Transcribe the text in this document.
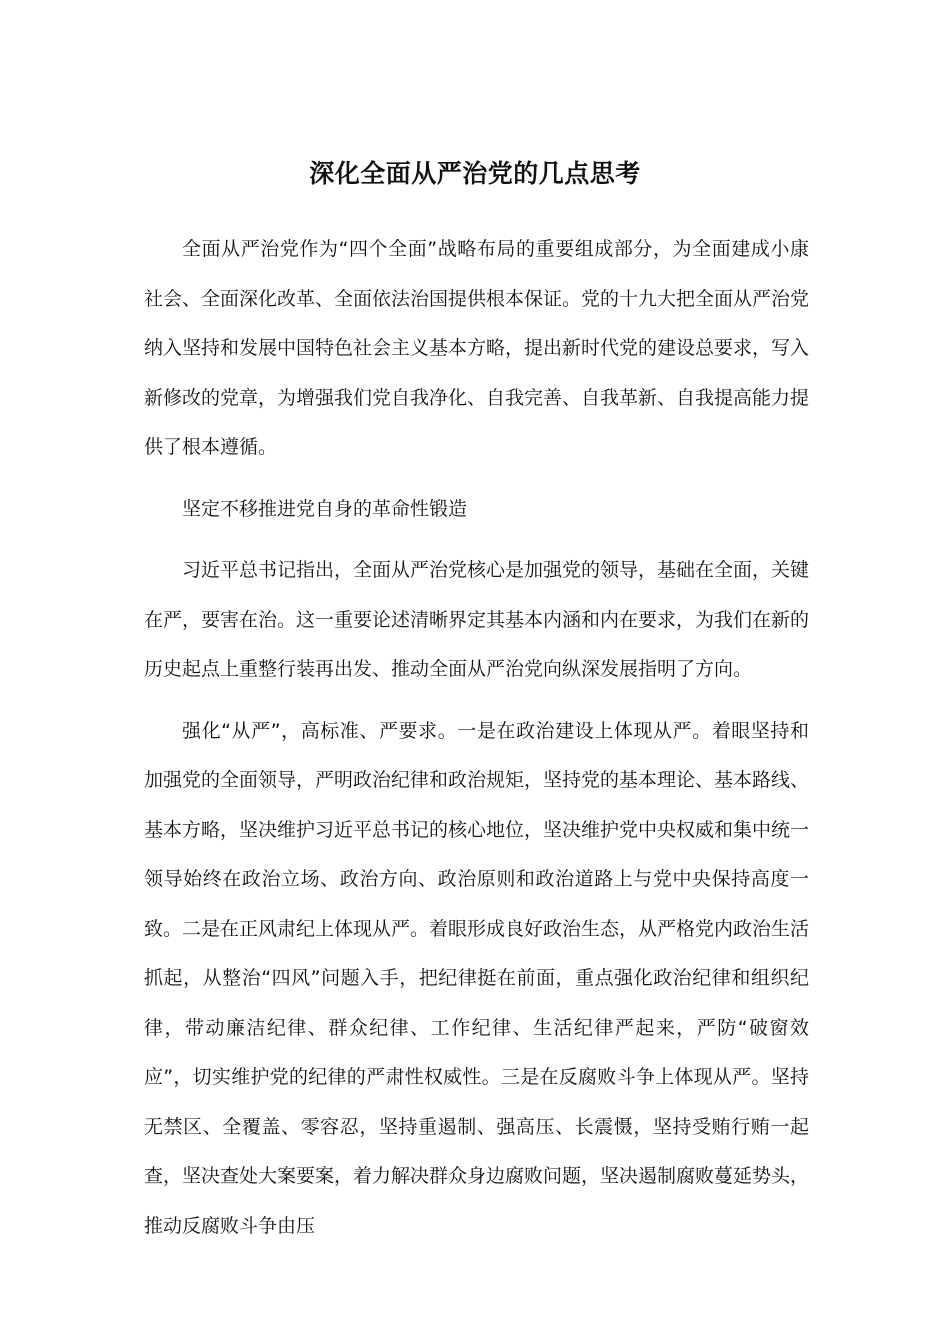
深化全面从严治党的几点思考

全面从严治党作为“四个全面”战略布局的重要组成部分，为全面建成小康社会、全面深化改革、全面依法治国提供根本保证。党的十九大把全面从严治党纳入坚持和发展中国特色社会主义基本方略，提出新时代党的建设总要求，写入新修改的党章，为增强我们党自我净化、自我完善、自我革新、自我提高能力提供了根本遵循。

坚定不移推进党自身的革命性锻造

习近平总书记指出，全面从严治党核心是加强党的领导，基础在全面，关键在严，要害在治。这一重要论述清晰界定其基本内涵和内在要求，为我们在新的历史起点上重整行装再出发、推动全面从严治党向纵深发展指明了方向。

强化“从严”，高标准、严要求。一是在政治建设上体现从严。着眼坚持和加强党的全面领导，严明政治纪律和政治规矩，坚持党的基本理论、基本路线、基本方略，坚决维护习近平总书记的核心地位，坚决维护党中央权威和集中统一领导始终在政治立场、政治方向、政治原则和政治道路上与党中央保持高度一致。二是在正风肃纪上体现从严。着眼形成良好政治生态，从严格党内政治生活抓起，从整治“四风”问题入手，把纪律挺在前面，重点强化政治纪律和组织纪律，带动廉洁纪律、群众纪律、工作纪律、生活纪律严起来，严防“破窗效应”，切实维护党的纪律的严肃性权威性。三是在反腐败斗争上体现从严。坚持无禁区、全覆盖、零容忍，坚持重遏制、强高压、长震慑，坚持受贿行贿一起查，坚决查处大案要案，着力解决群众身边腐败问题，坚决遏制腐败蔓延势头，推动反腐败斗争由压
